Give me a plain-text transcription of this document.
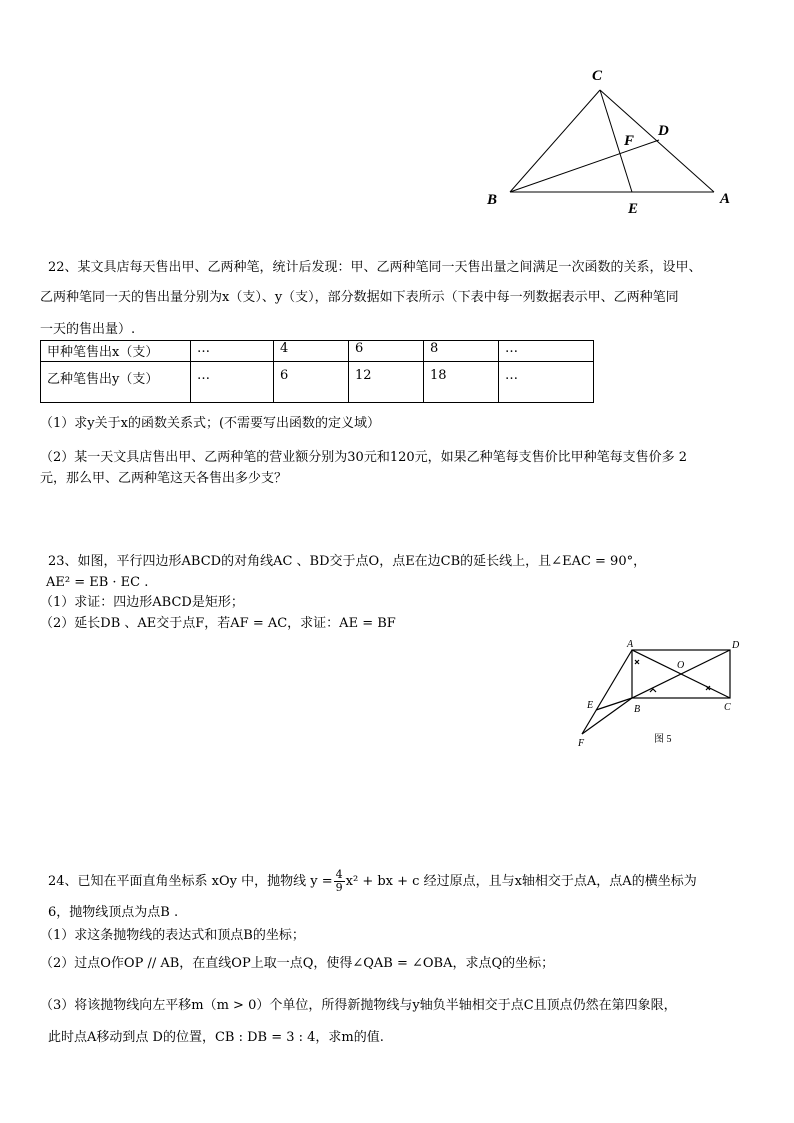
C
D
F
B
E
A
22、某文具店每天售出甲、乙两种笔，统计后发现：甲、乙两种笔同一天售出量之间满足一次函数的关系，设甲、
乙两种笔同一天的售出量分别为x（支）、y（支），部分数据如下表所示（下表中每一列数据表示甲、乙两种笔同
一天的售出量）.
甲种笔售出x（支）	…	4	6	8	…
乙种笔售出y（支）	…	6	12	18	…
（1）求y关于x的函数关系式；(不需要写出函数的定义域）
（2）某一天文具店售出甲、乙两种笔的营业额分别为30元和120元，如果乙种笔每支售价比甲种笔每支售价多 2
元，那么甲、乙两种笔这天各售出多少支？
23、如图，平行四边形ABCD的对角线AC 、BD交于点O，点E在边CB的延长线上，且∠EAC = 90°，
AE² = EB · EC .
（1）求证：四边形ABCD是矩形；
（2）延长DB 、AE交于点F，若AF = AC，求证：AE = BF
A	D
O
E	B	C
F	图 5
24、已知在平面直角坐标系 xOy 中，抛物线 $y = \frac{4}{9} x^2$ + bx + c 经过原点，且与x轴相交于点A，点A的横坐标为
6，抛物线顶点为点B .
（1）求这条抛物线的表达式和顶点B的坐标；
（2）过点O作OP // AB，在直线OP上取一点Q，使得∠QAB = ∠OBA，求点Q的坐标；
（3）将该抛物线向左平移m（m > 0）个单位，所得新抛物线与y轴负半轴相交于点C且顶点仍然在第四象限，
此时点A移动到点 D的位置，CB : DB = 3 : 4，求m的值.
